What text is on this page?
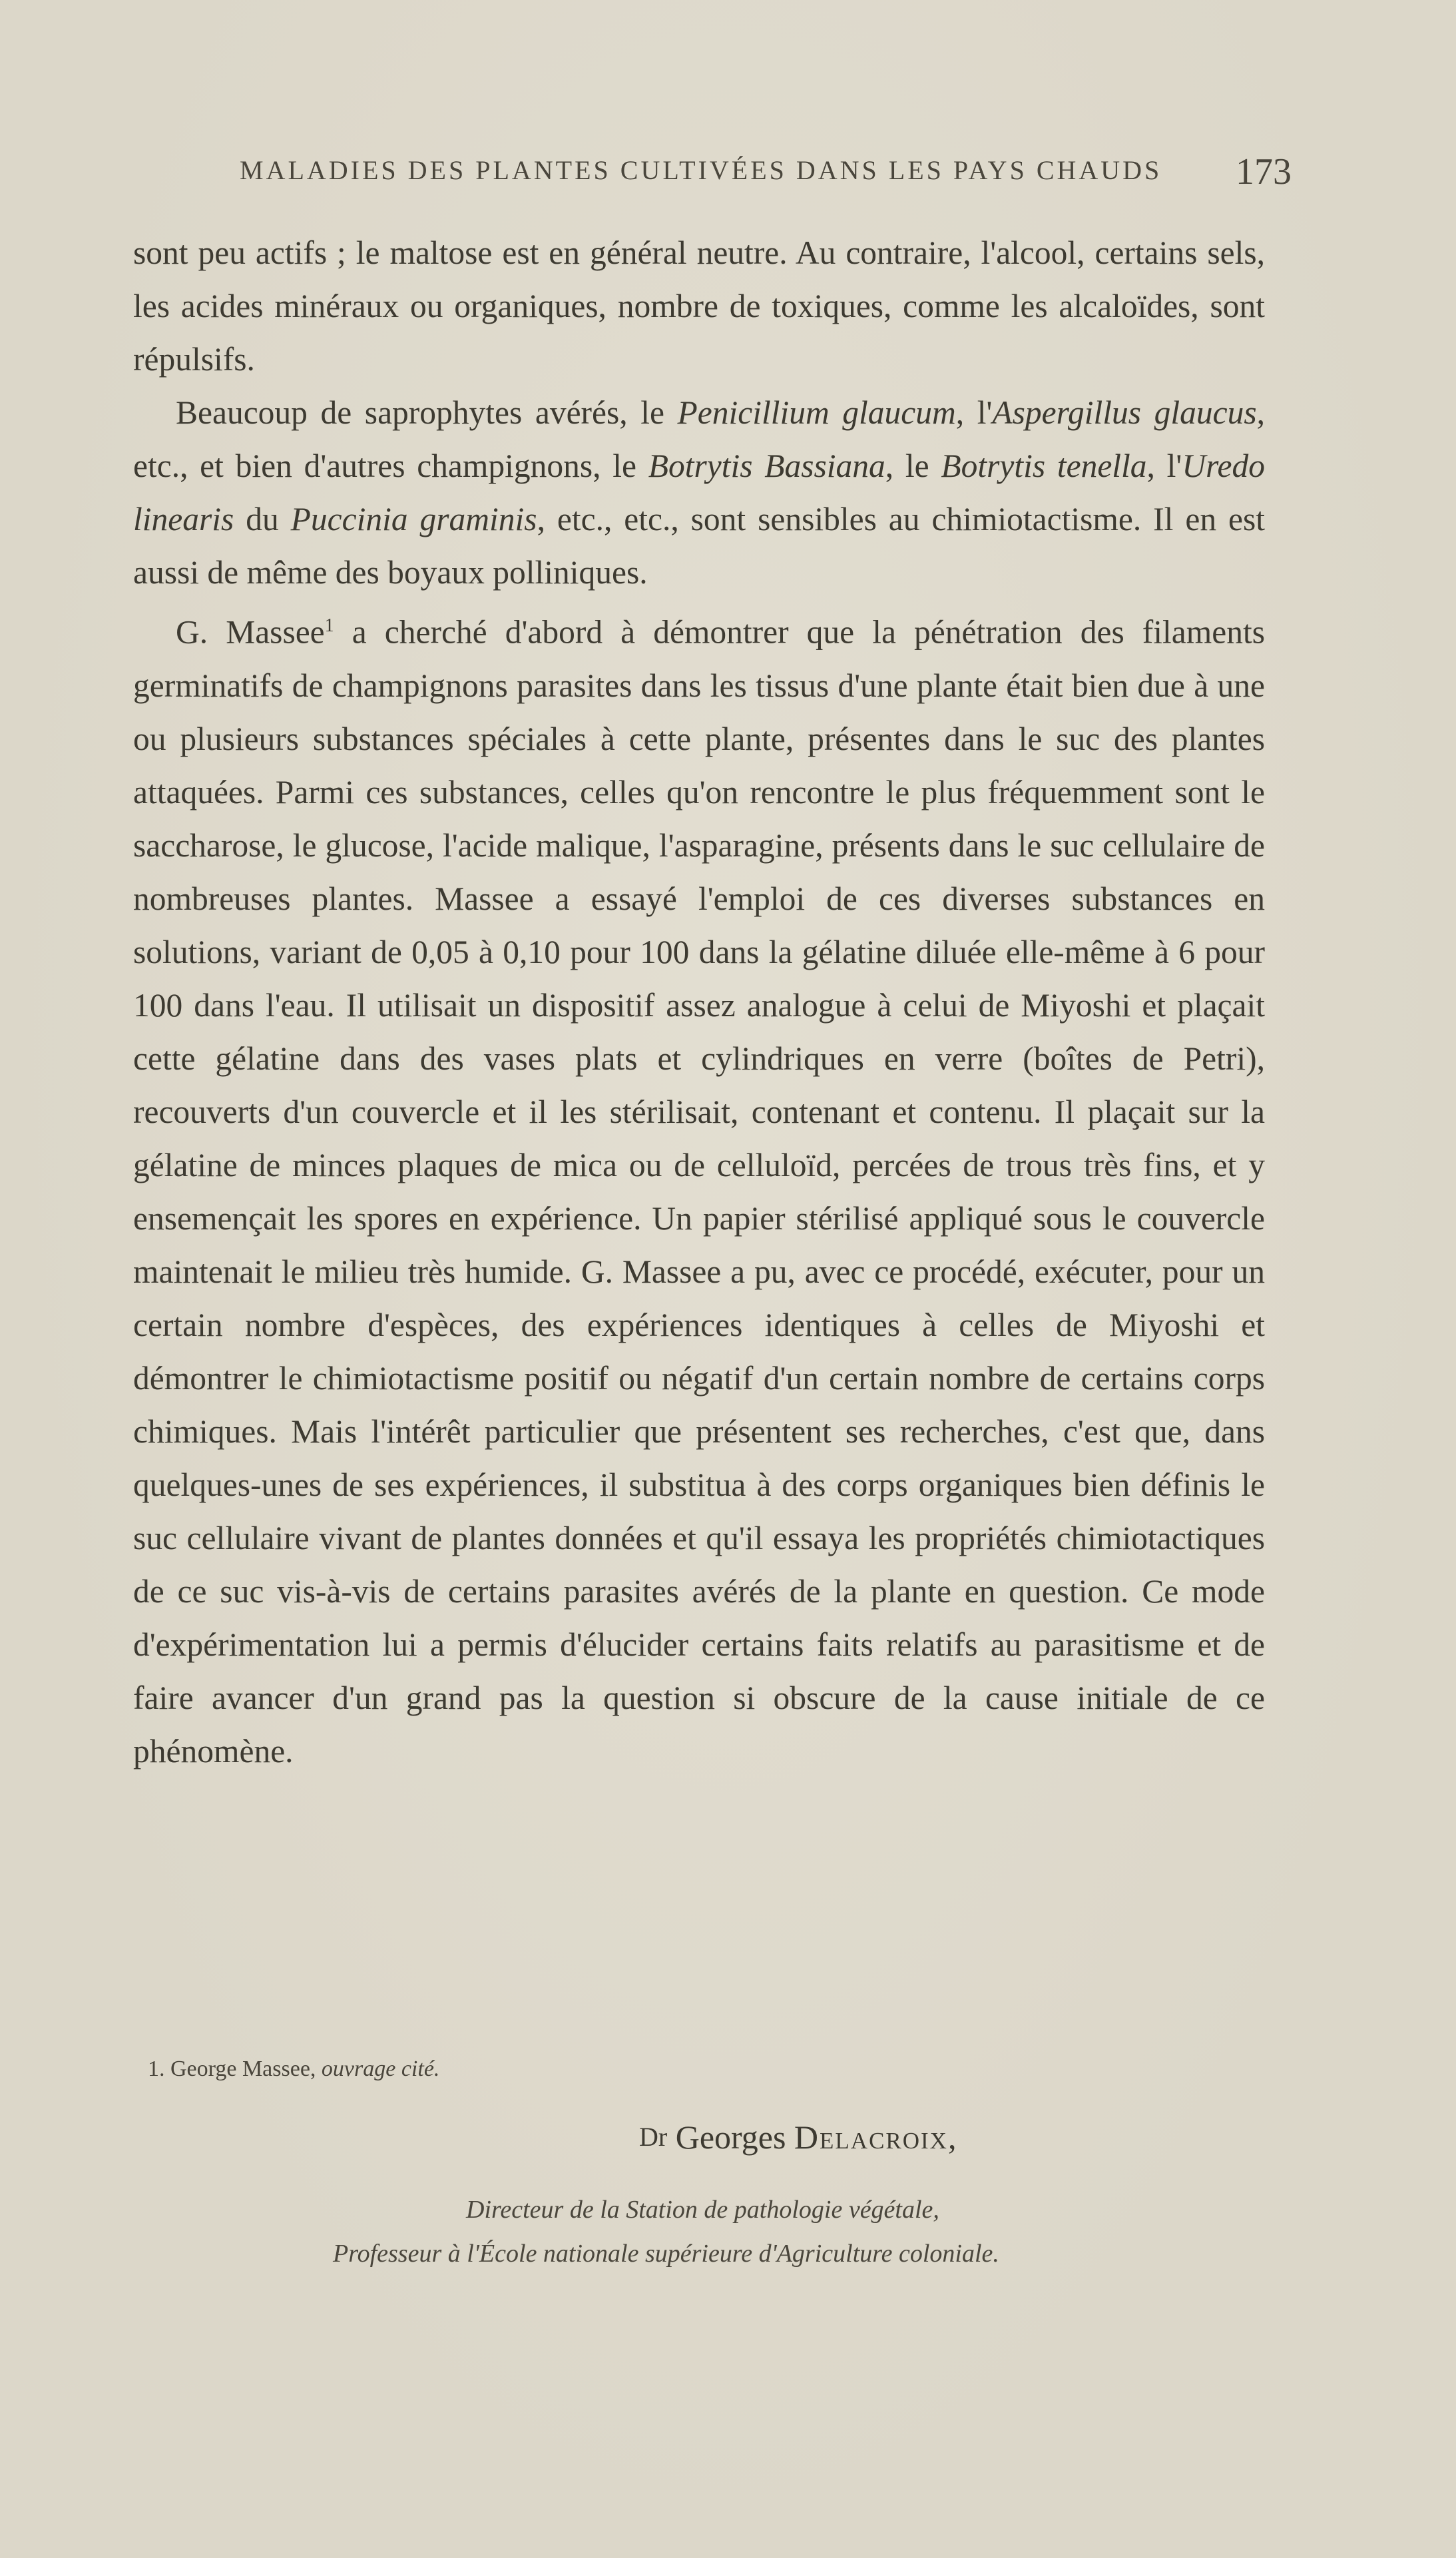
MALADIES DES PLANTES CULTIVÉES DANS LES PAYS CHAUDS 173

sont peu actifs ; le maltose est en général neutre. Au contraire, l'alcool, certains sels, les acides minéraux ou organiques, nombre de toxiques, comme les alcaloïdes, sont répulsifs.

Beaucoup de saprophytes avérés, le Penicillium glaucum, l'Aspergillus glaucus, etc., et bien d'autres champignons, le Botrytis Bassiana, le Botrytis tenella, l'Uredo linearis du Puccinia graminis, etc., etc., sont sensibles au chimiotactisme. Il en est aussi de même des boyaux polliniques.

G. Massee$^1$ a cherché d'abord à démontrer que la pénétration des filaments germinatifs de champignons parasites dans les tissus d'une plante était bien due à une ou plusieurs substances spéciales à cette plante, présentes dans le suc des plantes attaquées. Parmi ces substances, celles qu'on rencontre le plus fréquemment sont le saccharose, le glucose, l'acide malique, l'asparagine, présents dans le suc cellulaire de nombreuses plantes. Massee a essayé l'emploi de ces diverses substances en solutions, variant de 0,05 à 0,10 pour 100 dans la gélatine diluée elle-même à 6 pour 100 dans l'eau. Il utilisait un dispositif assez analogue à celui de Miyoshi et plaçait cette gélatine dans des vases plats et cylindriques en verre (boîtes de Petri), recouverts d'un couvercle et il les stérilisait, contenant et contenu. Il plaçait sur la gélatine de minces plaques de mica ou de celluloïd, percées de trous très fins, et y ensemençait les spores en expérience. Un papier stérilisé appliqué sous le couvercle maintenait le milieu très humide. G. Massee a pu, avec ce procédé, exécuter, pour un certain nombre d'espèces, des expériences identiques à celles de Miyoshi et démontrer le chimiotactisme positif ou négatif d'un certain nombre de certains corps chimiques. Mais l'intérêt particulier que présentent ses recherches, c'est que, dans quelques-unes de ses expériences, il substitua à des corps organiques bien définis le suc cellulaire vivant de plantes données et qu'il essaya les propriétés chimiotactiques de ce suc vis-à-vis de certains parasites avérés de la plante en question. Ce mode d'expérimentation lui a permis d'élucider certains faits relatifs au parasitisme et de faire avancer d'un grand pas la question si obscure de la cause initiale de ce phénomène.

1. George Massee, ouvrage cité.
Dr Georges Delacroix,
Directeur de la Station de pathologie végétale,
Professeur à l'École nationale supérieure d'Agriculture coloniale.
